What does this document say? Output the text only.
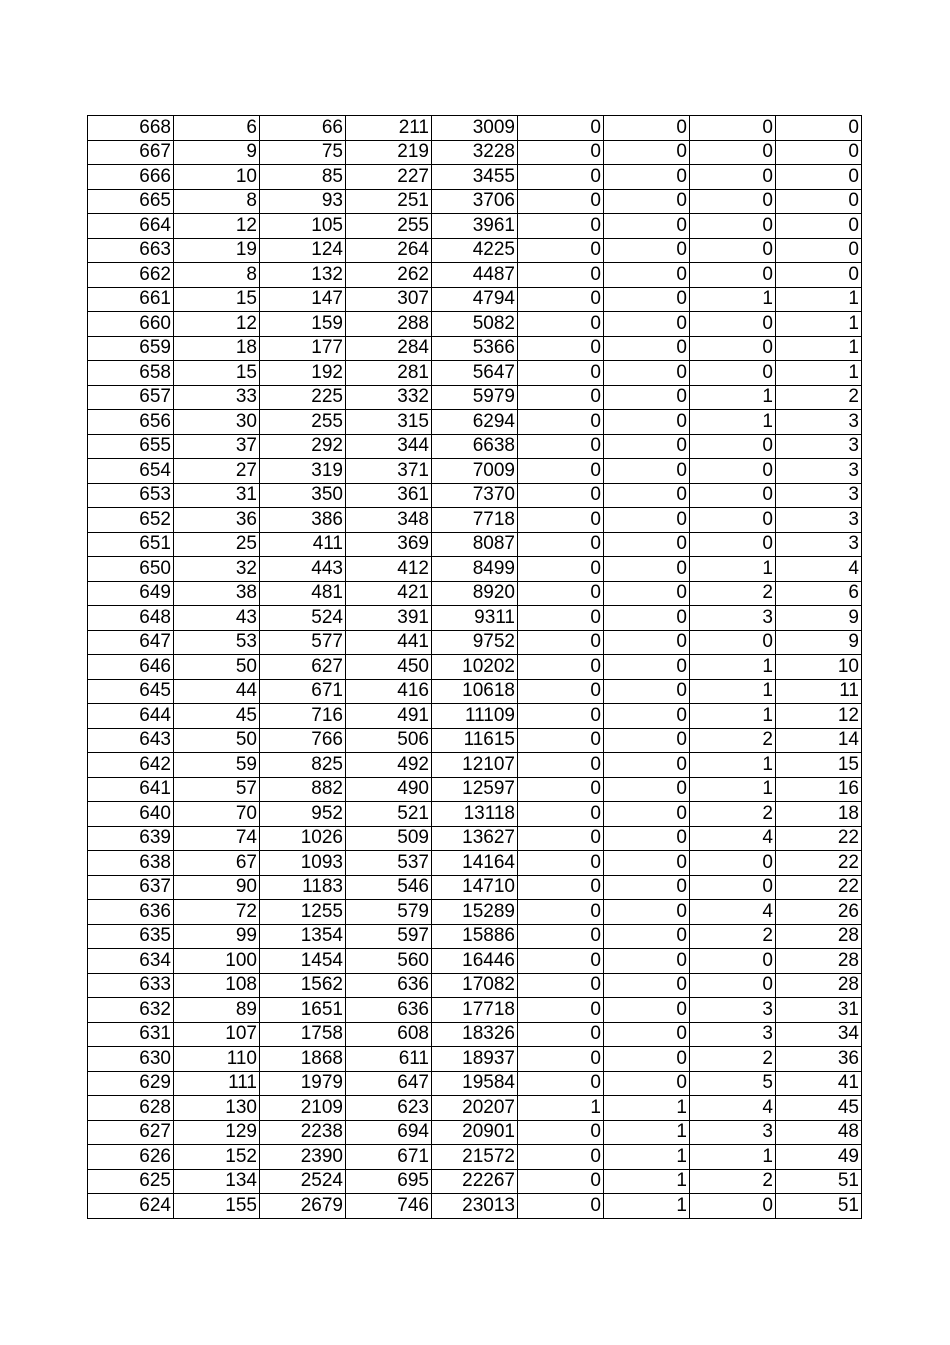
668	6	66	211	3009	0	0	0	0
667	9	75	219	3228	0	0	0	0
666	10	85	227	3455	0	0	0	0
665	8	93	251	3706	0	0	0	0
664	12	105	255	3961	0	0	0	0
663	19	124	264	4225	0	0	0	0
662	8	132	262	4487	0	0	0	0
661	15	147	307	4794	0	0	1	1
660	12	159	288	5082	0	0	0	1
659	18	177	284	5366	0	0	0	1
658	15	192	281	5647	0	0	0	1
657	33	225	332	5979	0	0	1	2
656	30	255	315	6294	0	0	1	3
655	37	292	344	6638	0	0	0	3
654	27	319	371	7009	0	0	0	3
653	31	350	361	7370	0	0	0	3
652	36	386	348	7718	0	0	0	3
651	25	411	369	8087	0	0	0	3
650	32	443	412	8499	0	0	1	4
649	38	481	421	8920	0	0	2	6
648	43	524	391	9311	0	0	3	9
647	53	577	441	9752	0	0	0	9
646	50	627	450	10202	0	0	1	10
645	44	671	416	10618	0	0	1	11
644	45	716	491	11109	0	0	1	12
643	50	766	506	11615	0	0	2	14
642	59	825	492	12107	0	0	1	15
641	57	882	490	12597	0	0	1	16
640	70	952	521	13118	0	0	2	18
639	74	1026	509	13627	0	0	4	22
638	67	1093	537	14164	0	0	0	22
637	90	1183	546	14710	0	0	0	22
636	72	1255	579	15289	0	0	4	26
635	99	1354	597	15886	0	0	2	28
634	100	1454	560	16446	0	0	0	28
633	108	1562	636	17082	0	0	0	28
632	89	1651	636	17718	0	0	3	31
631	107	1758	608	18326	0	0	3	34
630	110	1868	611	18937	0	0	2	36
629	111	1979	647	19584	0	0	5	41
628	130	2109	623	20207	1	1	4	45
627	129	2238	694	20901	0	1	3	48
626	152	2390	671	21572	0	1	1	49
625	134	2524	695	22267	0	1	2	51
624	155	2679	746	23013	0	1	0	51
